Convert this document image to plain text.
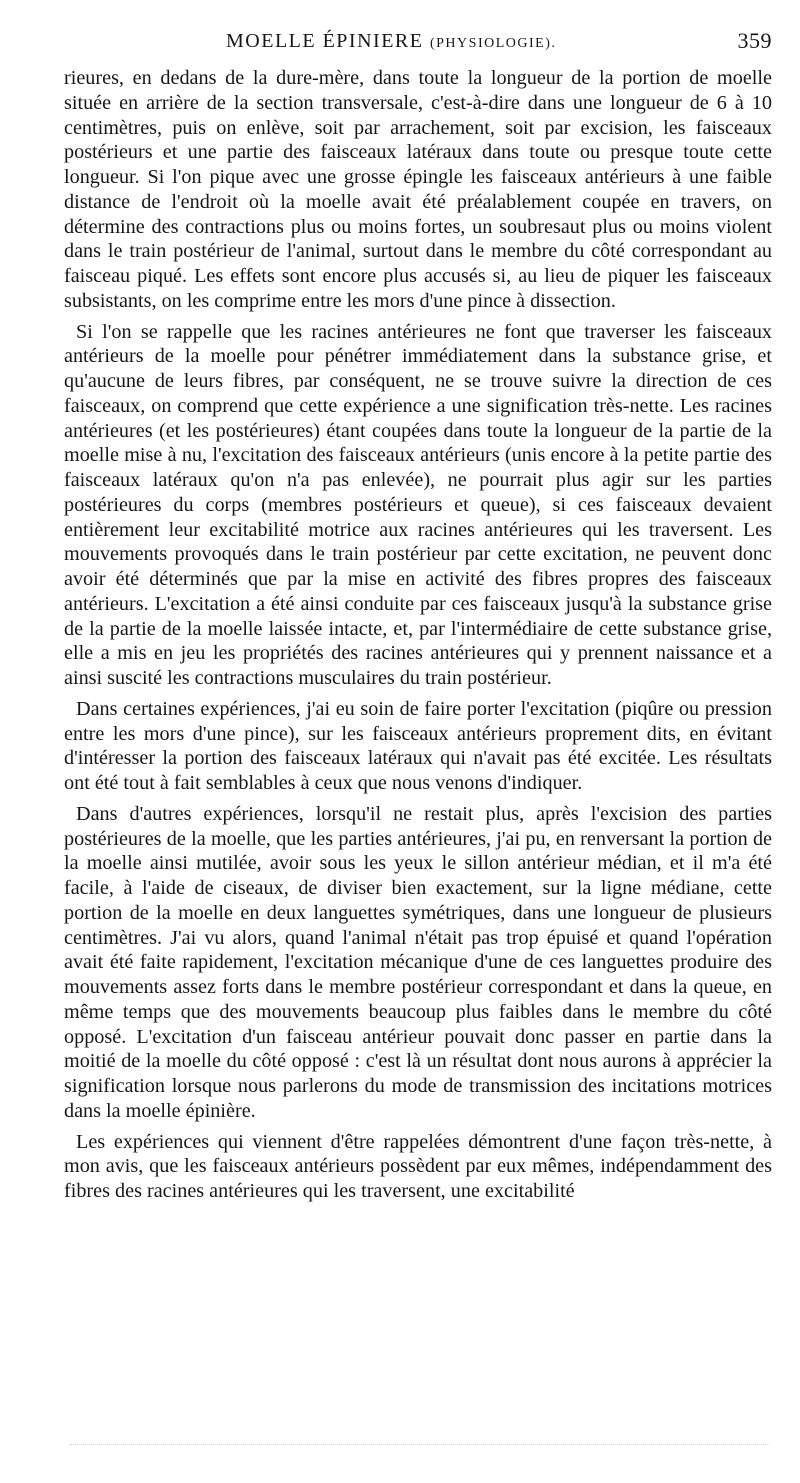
MOELLE ÉPINIERE (PHYSIOLOGIE).	359

rieures, en dedans de la dure-mère, dans toute la longueur de la portion de moelle située en arrière de la section transversale, c'est-à-dire dans une longueur de 6 à 10 centimètres, puis on enlève, soit par arrachement, soit par excision, les faisceaux postérieurs et une partie des faisceaux latéraux dans toute ou presque toute cette longueur. Si l'on pique avec une grosse épingle les faisceaux antérieurs à une faible distance de l'endroit où la moelle avait été préalablement coupée en travers, on détermine des contractions plus ou moins fortes, un soubresaut plus ou moins violent dans le train postérieur de l'animal, surtout dans le membre du côté correspondant au faisceau piqué. Les effets sont encore plus accusés si, au lieu de piquer les faisceaux subsistants, on les comprime entre les mors d'une pince à dissection.

Si l'on se rappelle que les racines antérieures ne font que traverser les faisceaux antérieurs de la moelle pour pénétrer immédiatement dans la substance grise, et qu'aucune de leurs fibres, par conséquent, ne se trouve suivre la direction de ces faisceaux, on comprend que cette expérience a une signification très-nette. Les racines antérieures (et les postérieures) étant coupées dans toute la longueur de la partie de la moelle mise à nu, l'excitation des faisceaux antérieurs (unis encore à la petite partie des faisceaux latéraux qu'on n'a pas enlevée), ne pourrait plus agir sur les parties postérieures du corps (membres postérieurs et queue), si ces faisceaux devaient entièrement leur excitabilité motrice aux racines antérieures qui les traversent. Les mouvements provoqués dans le train postérieur par cette excitation, ne peuvent donc avoir été déterminés que par la mise en activité des fibres propres des faisceaux antérieurs. L'excitation a été ainsi conduite par ces faisceaux jusqu'à la substance grise de la partie de la moelle laissée intacte, et, par l'intermédiaire de cette substance grise, elle a mis en jeu les propriétés des racines antérieures qui y prennent naissance et a ainsi suscité les contractions musculaires du train postérieur.

Dans certaines expériences, j'ai eu soin de faire porter l'excitation (piqûre ou pression entre les mors d'une pince), sur les faisceaux antérieurs proprement dits, en évitant d'intéresser la portion des faisceaux latéraux qui n'avait pas été excitée. Les résultats ont été tout à fait semblables à ceux que nous venons d'indiquer.

Dans d'autres expériences, lorsqu'il ne restait plus, après l'excision des parties postérieures de la moelle, que les parties antérieures, j'ai pu, en renversant la portion de la moelle ainsi mutilée, avoir sous les yeux le sillon antérieur médian, et il m'a été facile, à l'aide de ciseaux, de diviser bien exactement, sur la ligne médiane, cette portion de la moelle en deux languettes symétriques, dans une longueur de plusieurs centimètres. J'ai vu alors, quand l'animal n'était pas trop épuisé et quand l'opération avait été faite rapidement, l'excitation mécanique d'une de ces languettes produire des mouvements assez forts dans le membre postérieur correspondant et dans la queue, en même temps que des mouvements beaucoup plus faibles dans le membre du côté opposé. L'excitation d'un faisceau antérieur pouvait donc passer en partie dans la moitié de la moelle du côté opposé : c'est là un résultat dont nous aurons à apprécier la signification lorsque nous parlerons du mode de transmission des incitations motrices dans la moelle épinière.

Les expériences qui viennent d'être rappelées démontrent d'une façon très-nette, à mon avis, que les faisceaux antérieurs possèdent par eux mêmes, indépendamment des fibres des racines antérieures qui les traversent, une excitabilité
